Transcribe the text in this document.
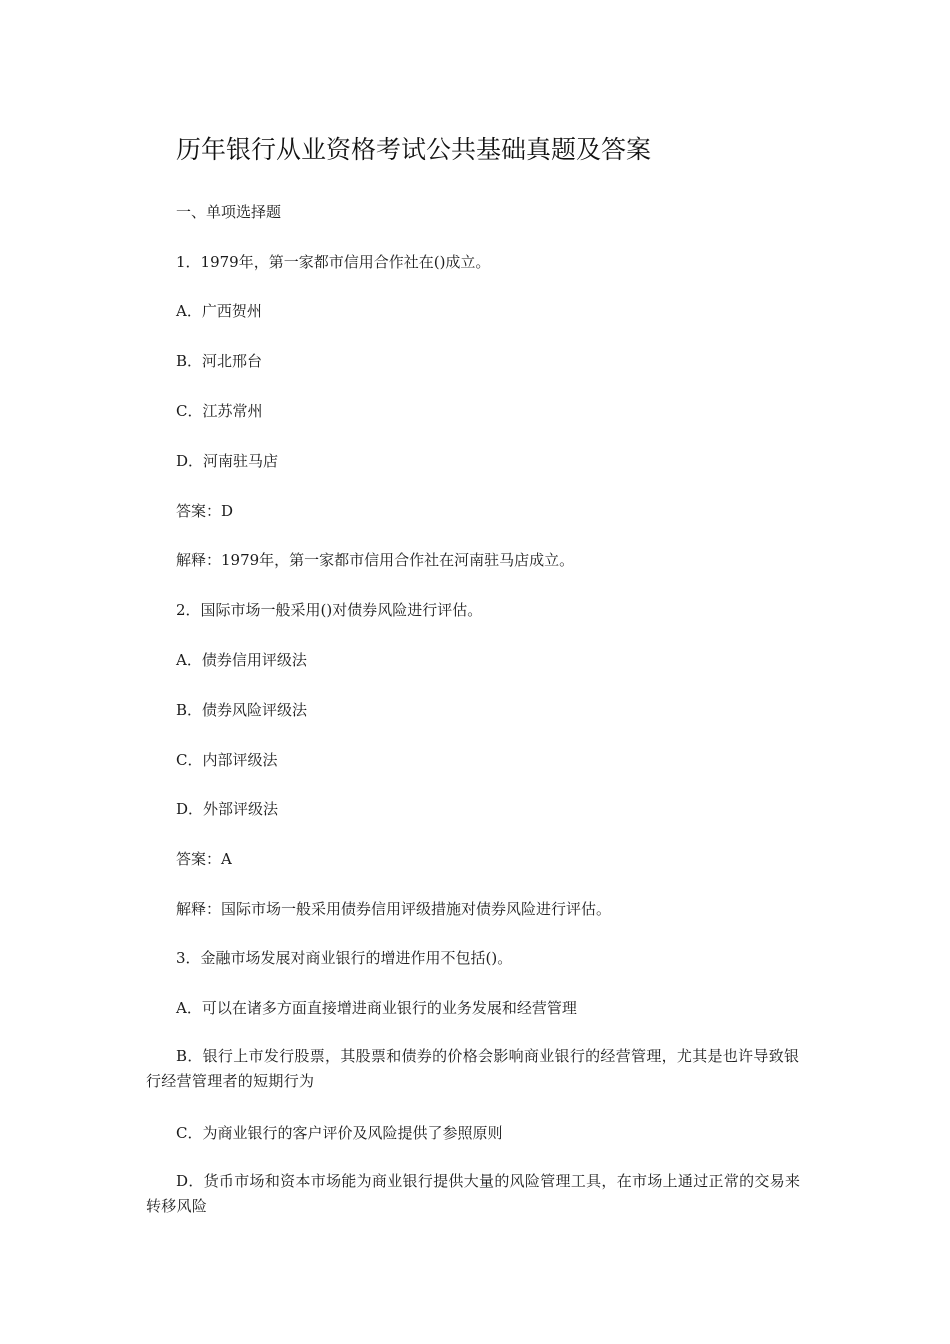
历年银行从业资格考试公共基础真题及答案
一、单项选择题
1．1979年，第一家都市信用合作社在()成立。
A．广西贺州
B．河北邢台
C．江苏常州
D．河南驻马店
答案：D
解释：1979年，第一家都市信用合作社在河南驻马店成立。
2．国际市场一般采用()对债券风险进行评估。
A．债券信用评级法
B．债券风险评级法
C．内部评级法
D．外部评级法
答案：A
解释：国际市场一般采用债券信用评级措施对债券风险进行评估。
3．金融市场发展对商业银行的增进作用不包括()。
A．可以在诸多方面直接增进商业银行的业务发展和经营管理
B．银行上市发行股票，其股票和债券的价格会影响商业银行的经营管理，尤其是也许导致银行经营管理者的短期行为
C．为商业银行的客户评价及风险提供了参照原则
D．货币市场和资本市场能为商业银行提供大量的风险管理工具，在市场上通过正常的交易来转移风险
